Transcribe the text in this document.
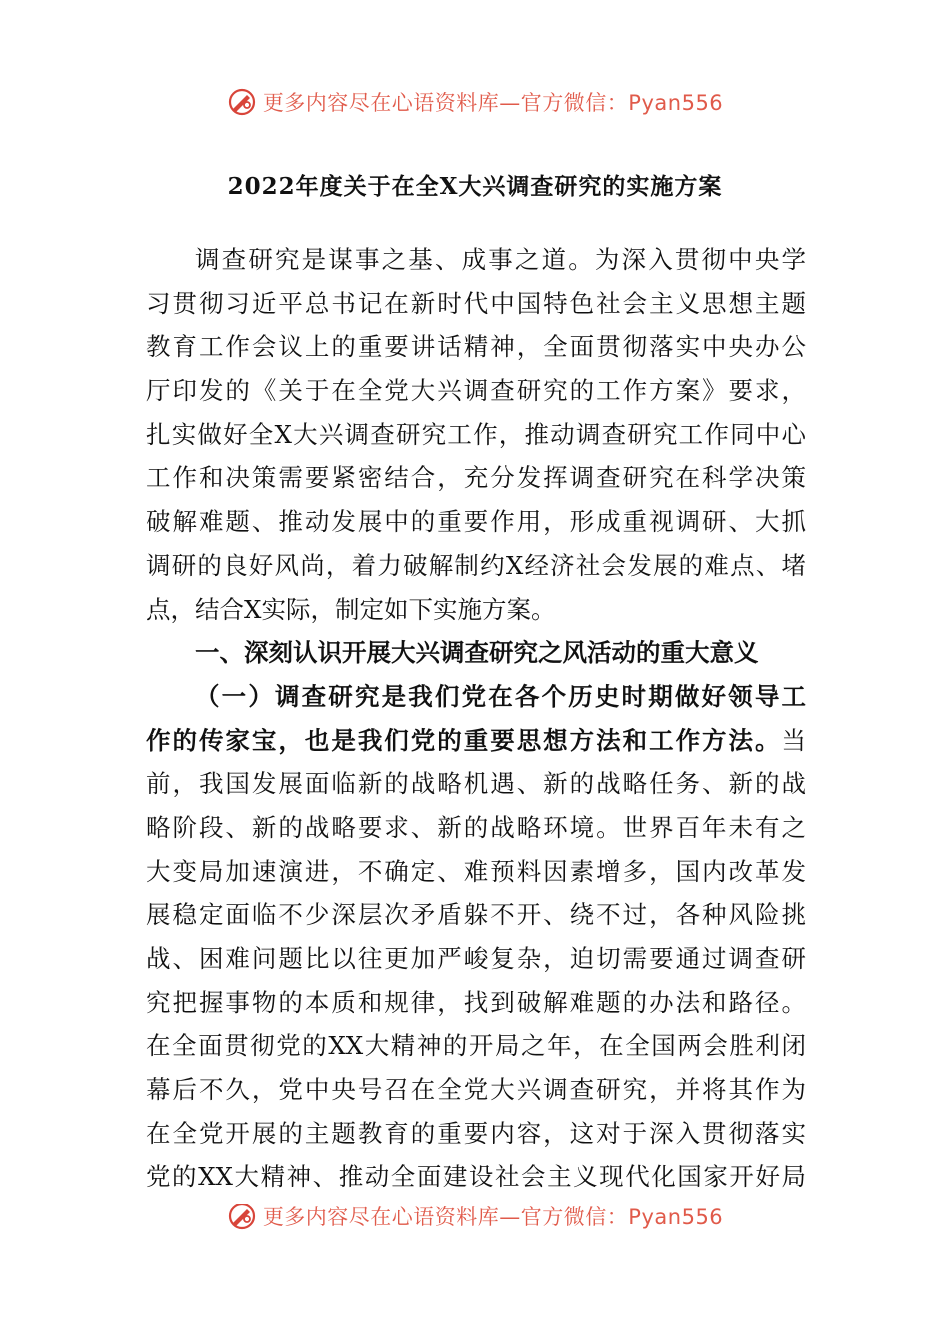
更多内容尽在心语资料库—官方微信：Pyan556
2022年度关于在全X大兴调查研究的实施方案
调查研究是谋事之基、成事之道。为深入贯彻中央学
习贯彻习近平总书记在新时代中国特色社会主义思想主题
教育工作会议上的重要讲话精神，全面贯彻落实中央办公
厅印发的《关于在全党大兴调查研究的工作方案》要求，
扎实做好全X大兴调查研究工作，推动调查研究工作同中心
工作和决策需要紧密结合，充分发挥调查研究在科学决策
破解难题、推动发展中的重要作用，形成重视调研、大抓
调研的良好风尚，着力破解制约X经济社会发展的难点、堵
点，结合X实际，制定如下实施方案。
一、深刻认识开展大兴调查研究之风活动的重大意义
（一）调查研究是我们党在各个历史时期做好领导工
作的传家宝，也是我们党的重要思想方法和工作方法。当
前，我国发展面临新的战略机遇、新的战略任务、新的战
略阶段、新的战略要求、新的战略环境。世界百年未有之
大变局加速演进，不确定、难预料因素增多，国内改革发
展稳定面临不少深层次矛盾躲不开、绕不过，各种风险挑
战、困难问题比以往更加严峻复杂，迫切需要通过调查研
究把握事物的本质和规律，找到破解难题的办法和路径。
在全面贯彻党的XX大精神的开局之年，在全国两会胜利闭
幕后不久，党中央号召在全党大兴调查研究，并将其作为
在全党开展的主题教育的重要内容，这对于深入贯彻落实
党的XX大精神、推动全面建设社会主义现代化国家开好局
更多内容尽在心语资料库—官方微信：Pyan556
